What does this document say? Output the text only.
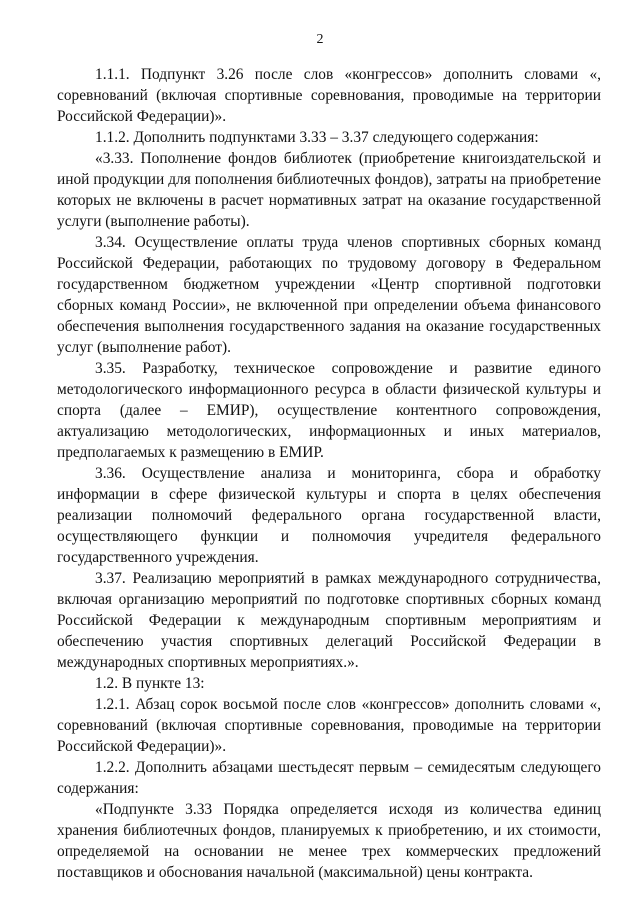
2

1.1.1. Подпункт 3.26 после слов «конгрессов» дополнить словами «, соревнований (включая спортивные соревнования, проводимые на территории Российской Федерации)».

1.1.2. Дополнить подпунктами 3.33 – 3.37 следующего содержания:

«3.33. Пополнение фондов библиотек (приобретение книгоиздательской и иной продукции для пополнения библиотечных фондов), затраты на приобретение которых не включены в расчет нормативных затрат на оказание государственной услуги (выполнение работы).

3.34. Осуществление оплаты труда членов спортивных сборных команд Российской Федерации, работающих по трудовому договору в Федеральном государственном бюджетном учреждении «Центр спортивной подготовки сборных команд России», не включенной при определении объема финансового обеспечения выполнения государственного задания на оказание государственных услуг (выполнение работ).

3.35. Разработку, техническое сопровождение и развитие единого методологического информационного ресурса в области физической культуры и спорта (далее – ЕМИР), осуществление контентного сопровождения, актуализацию методологических, информационных и иных материалов, предполагаемых к размещению в ЕМИР.

3.36. Осуществление анализа и мониторинга, сбора и обработку информации в сфере физической культуры и спорта в целях обеспечения реализации полномочий федерального органа государственной власти, осуществляющего функции и полномочия учредителя федерального государственного учреждения.

3.37. Реализацию мероприятий в рамках международного сотрудничества, включая организацию мероприятий по подготовке спортивных сборных команд Российской Федерации к международным спортивным мероприятиям и обеспечению участия спортивных делегаций Российской Федерации в международных спортивных мероприятиях.».

1.2. В пункте 13:

1.2.1. Абзац сорок восьмой после слов «конгрессов» дополнить словами «, соревнований (включая спортивные соревнования, проводимые на территории Российской Федерации)».

1.2.2. Дополнить абзацами шестьдесят первым – семидесятым следующего содержания:

«Подпункте 3.33 Порядка определяется исходя из количества единиц хранения библиотечных фондов, планируемых к приобретению, и их стоимости, определяемой на основании не менее трех коммерческих предложений поставщиков и обоснования начальной (максимальной) цены контракта.
